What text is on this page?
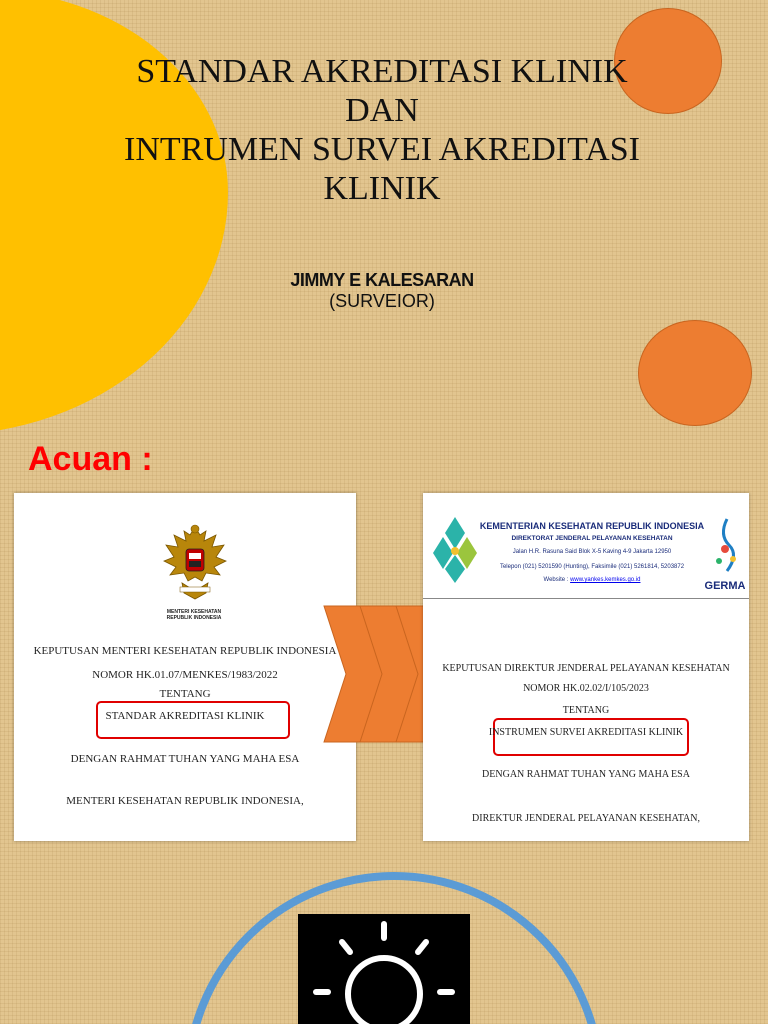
STANDAR AKREDITASI KLINIK
DAN
INTRUMEN SURVEI AKREDITASI
KLINIK
JIMMY E KALESARAN
(SURVEIOR)
Acuan :
MENTERI KESEHATAN
REPUBLIK INDONESIA
KEPUTUSAN MENTERI KESEHATAN REPUBLIK INDONESIA
NOMOR HK.01.07/MENKES/1983/2022
TENTANG
STANDAR AKREDITASI KLINIK
DENGAN RAHMAT TUHAN YANG MAHA ESA
MENTERI KESEHATAN REPUBLIK INDONESIA,
KEMENTERIAN KESEHATAN REPUBLIK INDONESIA
DIREKTORAT JENDERAL PELAYANAN KESEHATAN
Jalan H.R. Rasuna Said Blok X-5 Kaving 4-9 Jakarta 12950
Telepon (021) 5201590 (Hunting), Faksimile (021) 5261814, 5203872
Website : www.yankes.kemkes.go.id	GERMA
KEPUTUSAN DIREKTUR JENDERAL PELAYANAN KESEHATAN
NOMOR HK.02.02/I/105/2023
TENTANG
INSTRUMEN SURVEI AKREDITASI KLINIK
DENGAN RAHMAT TUHAN YANG MAHA ESA
DIREKTUR JENDERAL PELAYANAN KESEHATAN,
